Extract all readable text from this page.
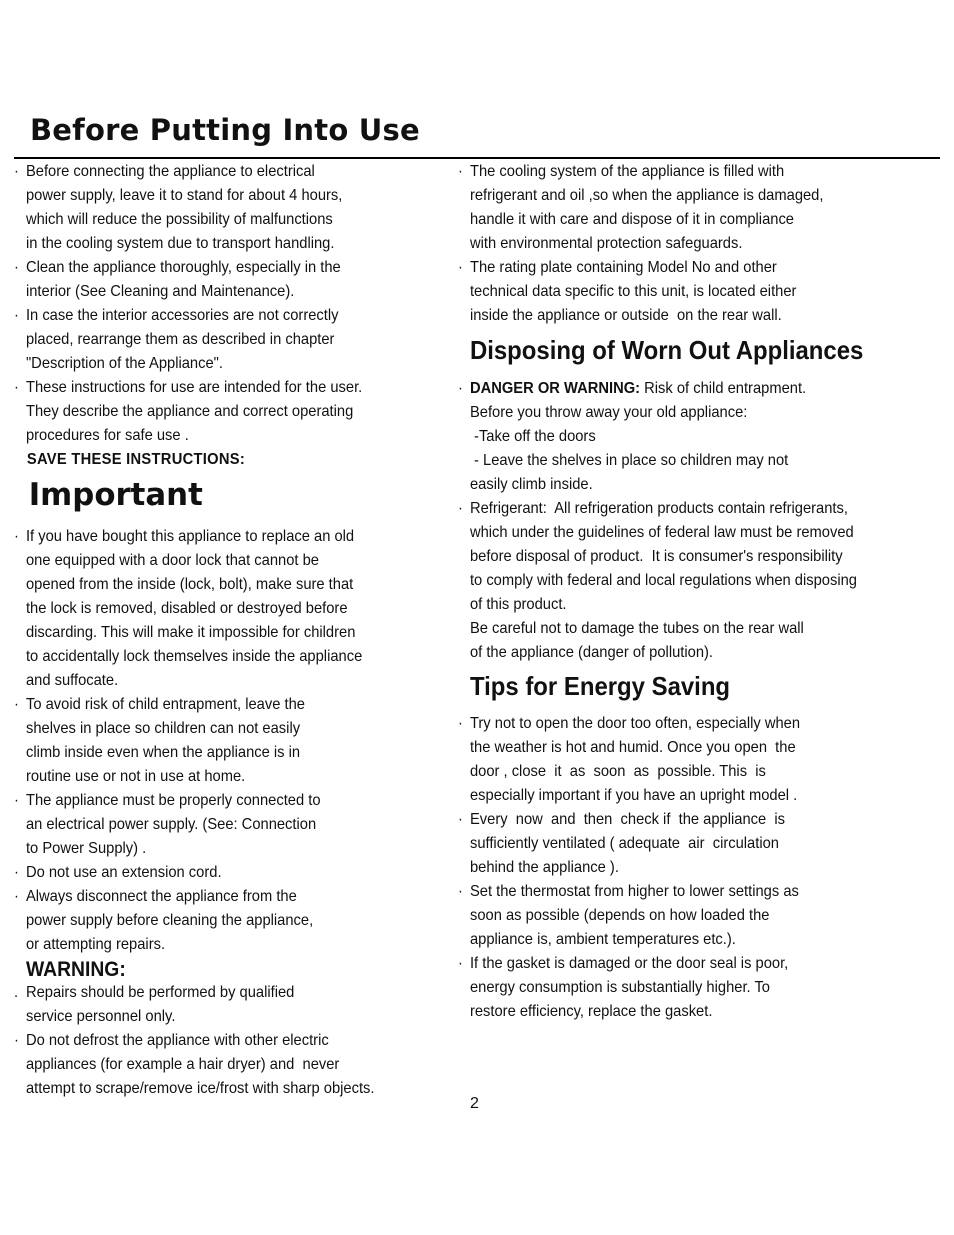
Before Putting Into Use
· Before connecting the appliance to electrical
power supply, leave it to stand for about 4 hours,
which will reduce the possibility of malfunctions
in the cooling system due to transport handling.
· Clean the appliance thoroughly, especially in the
interior (See Cleaning and Maintenance).
· In case the interior accessories are not correctly
placed, rearrange them as described in chapter
"Description of the Appliance".
· These instructions for use are intended for the user.
They describe the appliance and correct operating
procedures for safe use .
SAVE THESE INSTRUCTIONS:
Important
· If you have bought this appliance to replace an old
one equipped with a door lock that cannot be
opened from the inside (lock, bolt), make sure that
the lock is removed, disabled or destroyed before
discarding. This will make it impossible for children
to accidentally lock themselves inside the appliance
and suffocate.
· To avoid risk of child entrapment, leave the
shelves in place so children can not easily
climb inside even when the appliance is in
routine use or not in use at home.
· The appliance must be properly connected to
an electrical power supply. (See: Connection
to Power Supply) .
· Do not use an extension cord.
· Always disconnect the appliance from the
power supply before cleaning the appliance,
or attempting repairs.
WARNING:
. Repairs should be performed by qualified
service personnel only.
· Do not defrost the appliance with other electric
appliances (for example a hair dryer) and  never
attempt to scrape/remove ice/frost with sharp objects.
· The cooling system of the appliance is filled with
refrigerant and oil ,so when the appliance is damaged,
handle it with care and dispose of it in compliance
with environmental protection safeguards.
· The rating plate containing Model No and other
technical data specific to this unit, is located either
inside the appliance or outside  on the rear wall.
Disposing of Worn Out Appliances
· DANGER OR WARNING: Risk of child entrapment.
Before you throw away your old appliance:
-Take off the doors
- Leave the shelves in place so children may not
easily climb inside.
· Refrigerant:  All refrigeration products contain refrigerants,
which under the guidelines of federal law must be removed
before disposal of product.  It is consumer's responsibility
to comply with federal and local regulations when disposing
of this product.
Be careful not to damage the tubes on the rear wall
of the appliance (danger of pollution).
Tips for Energy Saving
· Try not to open the door too often, especially when
the weather is hot and humid. Once you open  the
door , close  it  as  soon  as  possible. This  is
especially important if you have an upright model .
· Every  now  and  then  check if  the appliance  is
sufficiently ventilated ( adequate  air  circulation
behind the appliance ).
· Set the thermostat from higher to lower settings as
soon as possible (depends on how loaded the
appliance is, ambient temperatures etc.).
· If the gasket is damaged or the door seal is poor,
energy consumption is substantially higher. To
restore efficiency, replace the gasket.
2
